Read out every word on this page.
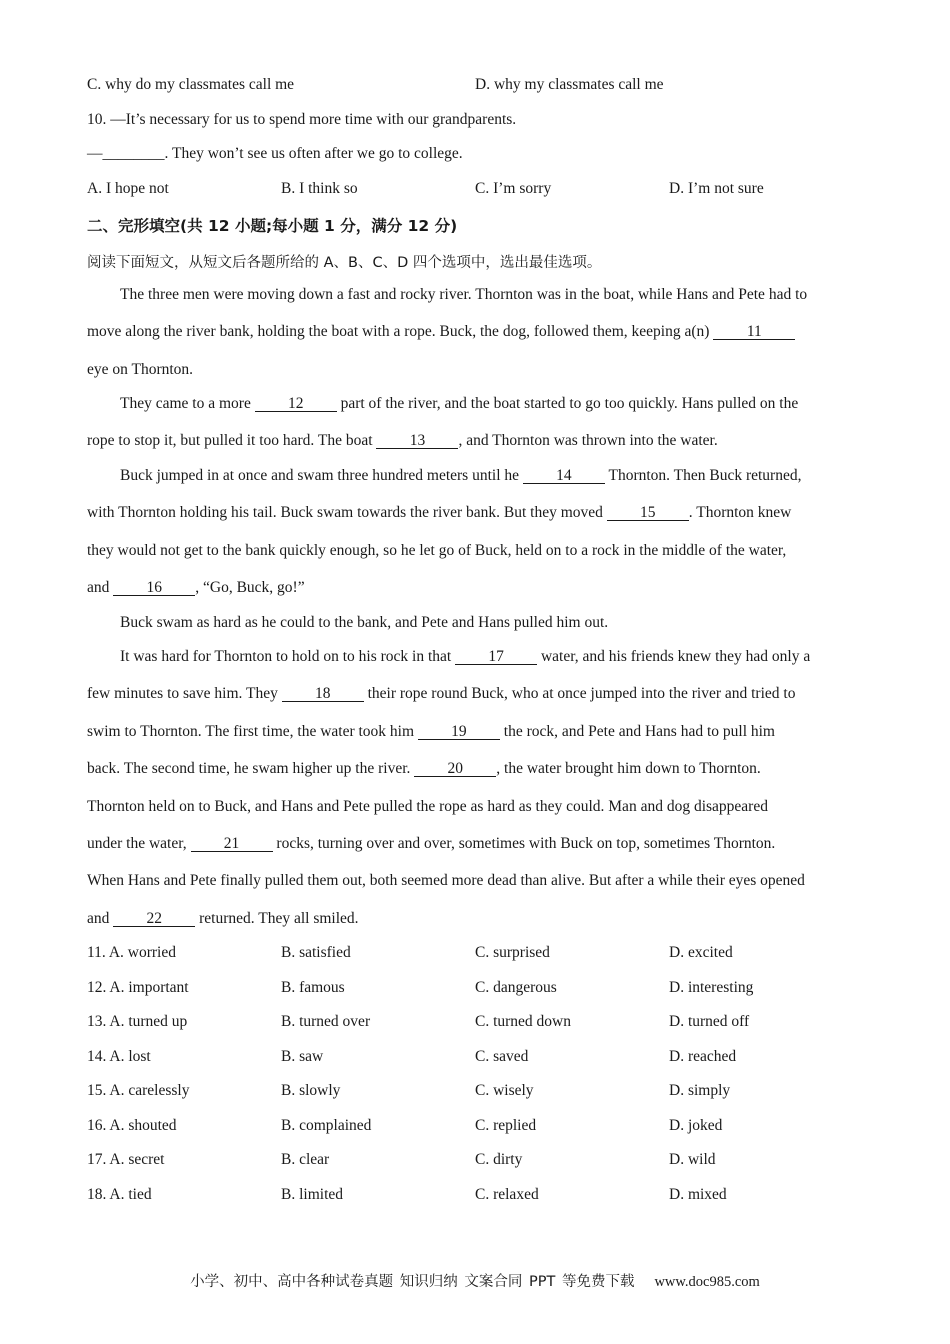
C. why do my classmates call me	D. why my classmates call me
10. —It’s necessary for us to spend more time with our grandparents.
—________. They won’t see us often after we go to college.
A. I hope not	B. I think so	C. I’m sorry	D. I’m not sure
二、完形填空(共 12 小题;每小题 1 分，满分 12 分)
阅读下面短文，从短文后各题所给的 A、B、C、D 四个选项中，选出最佳选项。
The three men were moving down a fast and rocky river. Thornton was in the boat, while Hans and Pete had to
move along the river bank, holding the boat with a rope. Buck, the dog, followed them, keeping a(n) 11
eye on Thornton.
They came to a more 12 part of the river, and the boat started to go too quickly. Hans pulled on the
rope to stop it, but pulled it too hard. The boat 13 , and Thornton was thrown into the water.
Buck jumped in at once and swam three hundred meters until he 14 Thornton. Then Buck returned,
with Thornton holding his tail. Buck swam towards the river bank. But they moved 15 . Thornton knew
they would not get to the bank quickly enough, so he let go of Buck, held on to a rock in the middle of the water,
and 16 , “Go, Buck, go!”
Buck swam as hard as he could to the bank, and Pete and Hans pulled him out.
It was hard for Thornton to hold on to his rock in that 17 water, and his friends knew they had only a
few minutes to save him. They 18 their rope round Buck, who at once jumped into the river and tried to
swim to Thornton. The first time, the water took him 19 the rock, and Pete and Hans had to pull him
back. The second time, he swam higher up the river. 20 , the water brought him down to Thornton.
Thornton held on to Buck, and Hans and Pete pulled the rope as hard as they could. Man and dog disappeared
under the water, 21 rocks, turning over and over, sometimes with Buck on top, sometimes Thornton.
When Hans and Pete finally pulled them out, both seemed more dead than alive. But after a while their eyes opened
and 22 returned. They all smiled.
11. A. worried	B. satisfied	C. surprised	D. excited
12. A. important	B. famous	C. dangerous	D. interesting
13. A. turned up	B. turned over	C. turned down	D. turned off
14. A. lost	B. saw	C. saved	D. reached
15. A. carelessly	B. slowly	C. wisely	D. simply
16. A. shouted	B. complained	C. replied	D. joked
17. A. secret	B. clear	C. dirty	D. wild
18. A. tied	B. limited	C. relaxed	D. mixed
小学、初中、高中各种试卷真题 知识归纳 文案合同 PPT 等免费下载 www.doc985.com
